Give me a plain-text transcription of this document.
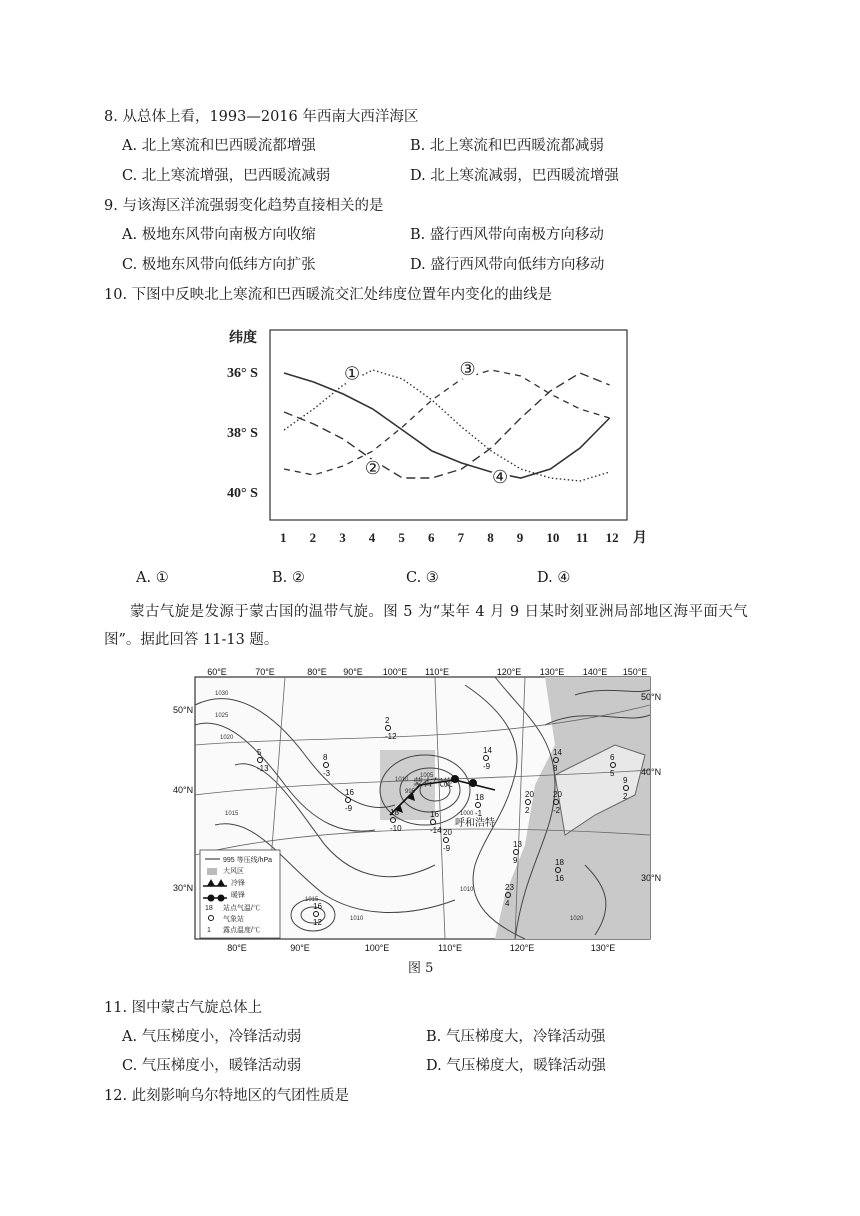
8. 从总体上看，1993—2016 年西南大西洋海区
A. 北上寒流和巴西暖流都增强	B. 北上寒流和巴西暖流都减弱
C. 北上寒流增强，巴西暖流减弱	D. 北上寒流减弱，巴西暖流增强
9. 与该海区洋流强弱变化趋势直接相关的是
A. 极地东风带向南极方向收缩	B. 盛行西风带向南极方向移动
C. 极地东风带向低纬方向扩张	D. 盛行西风带向低纬方向移动
10. 下图中反映北上寒流和巴西暖流交汇处纬度位置年内变化的曲线是
纬度
36° S
38° S
40° S
月
1 2 3 4 5 6 7 8 9 10 11 12
①
②
③
④
A. ①	B. ②	C. ③	D. ④
蒙古气旋是发源于蒙古国的温带气旋。图 5 为“某年 4 月 9 日某时刻亚洲局部地区海平面天气
图”。据此回答 11-13 题。
995 等压线/hPa
大风区
冷锋
暖锋
18 站点气温/℃
气象站
1 露点温度/℃
蒙古气旋
呼和浩特
60°E	70°E	80°E 90°E 100°E 110°E	120°E 130°E 140°E 150°E
80°E	90°E	100°E	110°E	120°E	130°E
50°N
40°N
30°N
50°N
40°N
30°N
1030
1025
1020
1015
1010
1005
995
1000
1015
1010
1010
1020
2
-12
5
-13
8
-3
14
-9
14
8
16
-9	18
-10
16
-14 20
-9
18
-1
20
2
20
-2
6
5
9
2
13
9	18
16
23
4
16
12
图 5
11. 图中蒙古气旋总体上
A. 气压梯度小，冷锋活动弱	B. 气压梯度大，冷锋活动强
C. 气压梯度小，暖锋活动弱	D. 气压梯度大，暖锋活动强
12. 此刻影响乌尔特地区的气团性质是
